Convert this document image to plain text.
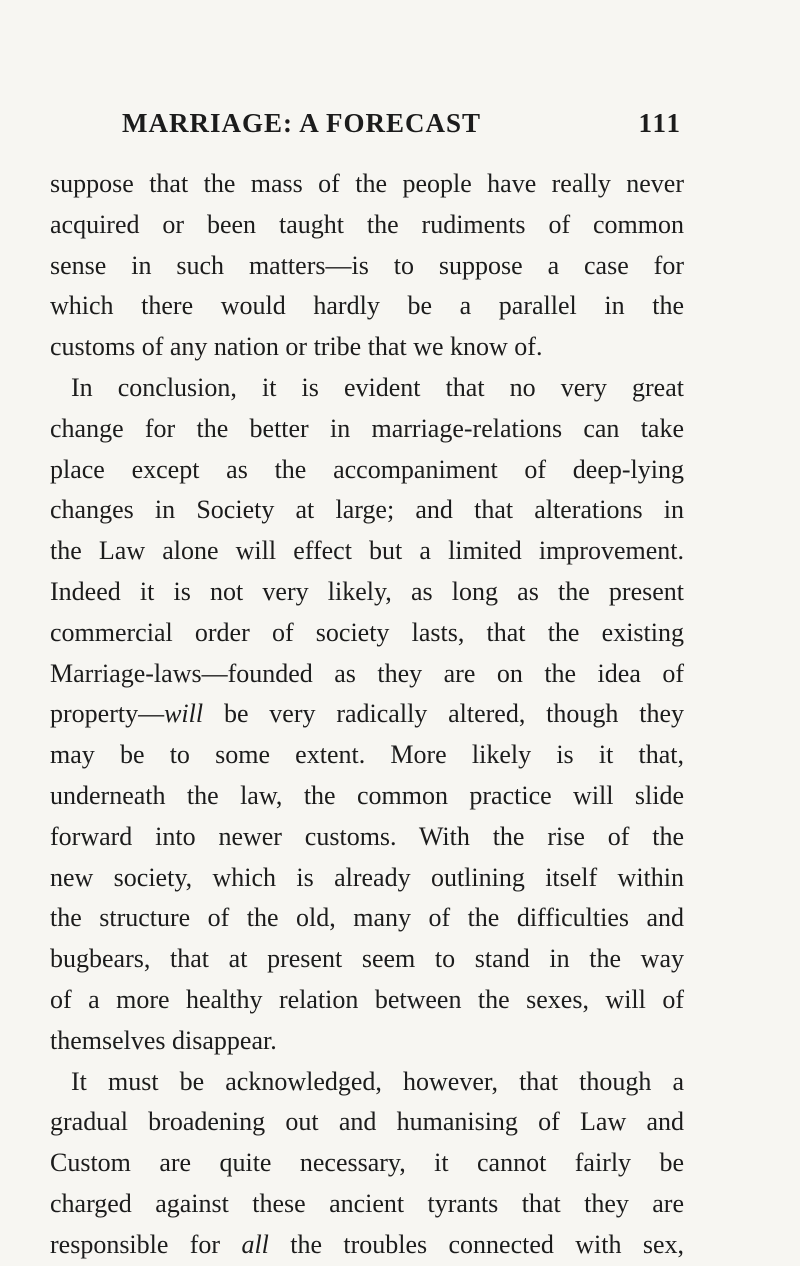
MARRIAGE: A FORECAST	111
suppose that the mass of the people have really never
acquired or been taught the rudiments of common
sense in such matters—is to suppose a case for
which there would hardly be a parallel in the
customs of any nation or tribe that we know of.
In conclusion, it is evident that no very great
change for the better in marriage-relations can take
place except as the accompaniment of deep-lying
changes in Society at large; and that alterations in
the Law alone will effect but a limited improvement.
Indeed it is not very likely, as long as the present
commercial order of society lasts, that the existing
Marriage-laws—founded as they are on the idea of
property—will be very radically altered, though they
may be to some extent. More likely is it that,
underneath the law, the common practice will slide
forward into newer customs. With the rise of the
new society, which is already outlining itself within
the structure of the old, many of the difficulties and
bugbears, that at present seem to stand in the way
of a more healthy relation between the sexes, will of
themselves disappear.
It must be acknowledged, however, that though a
gradual broadening out and humanising of Law and
Custom are quite necessary, it cannot fairly be
charged against these ancient tyrants that they are
responsible for all the troubles connected with sex,
